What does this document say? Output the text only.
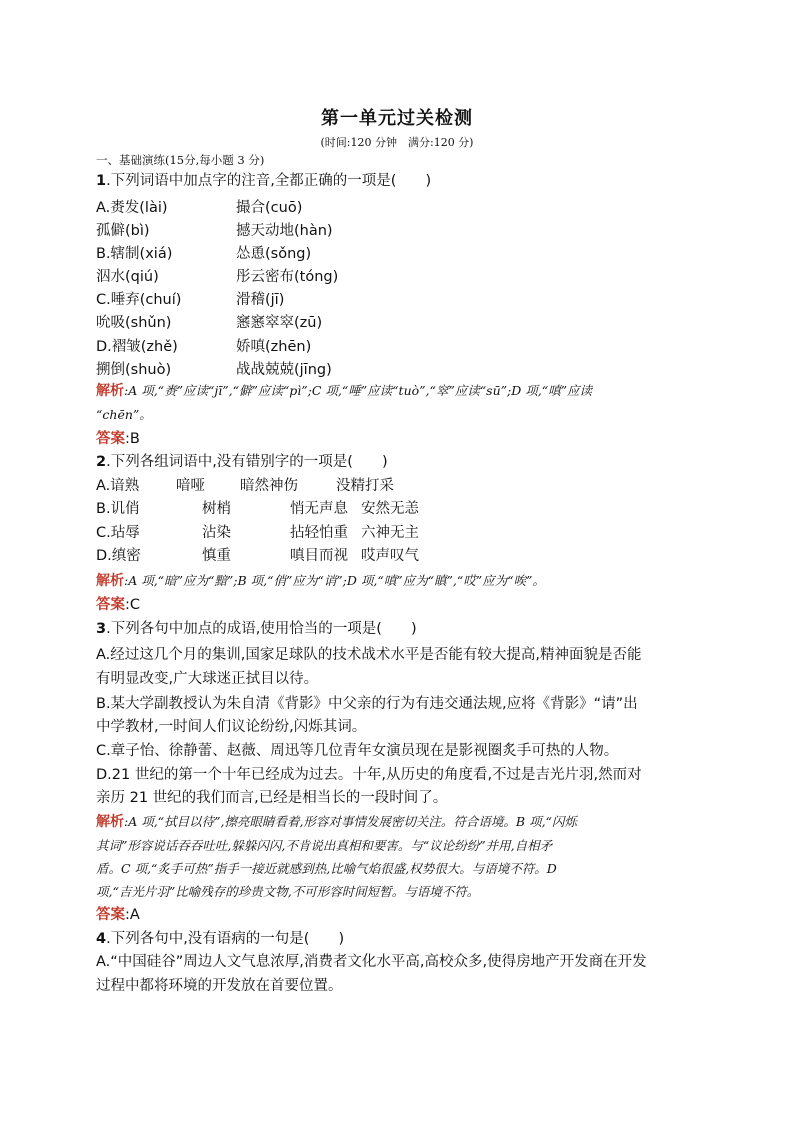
第一单元过关检测
(时间:120 分钟　满分:120 分)
一、基础演练(15分,每小题 3 分)
1.下列词语中加点字的注音,全都正确的一项是(　　)
A.赉发(lài)	撮合(cuō)
孤僻(bì)	撼天动地(hàn)
B.辖制(xiá)	怂恿(sǒng)
泅水(qiú)	彤云密布(tóng)
C.唾弃(chuí)	滑稽(jī)
吮吸(shǔn)	窸窸窣窣(zū)
D.褶皱(zhě)	娇嗔(zhēn)
搠倒(shuò)	战战兢兢(jīng)
解析:A 项,“赉”应读“jī”,“僻”应读“pì”;C 项,“唾”应读“tuò”,“窣”应读“sū”;D 项,“嗔”应读
“chēn”。
答案:B
2.下列各组词语中,没有错别字的一项是(　　)
A.谙熟	喑哑 暗然神伤	没精打采
B.讥俏	树梢	悄无声息 安然无恙
C.玷辱	沾染	拈轻怕重 六神无主
D.缜密	慎重	嗔目而视 哎声叹气
解析:A 项,“暗”应为“黯”;B 项,“俏”应为“诮”;D 项,“嗔”应为“瞋”,“哎”应为“唉”。
答案:C
3.下列各句中加点的成语,使用恰当的一项是(　　)
A.经过这几个月的集训,国家足球队的技术战术水平是否能有较大提高,精神面貌是否能
有明显改变,广大球迷正拭目以待。
B.某大学副教授认为朱自清《背影》中父亲的行为有违交通法规,应将《背影》“请”出
中学教材,一时间人们议论纷纷,闪烁其词。
C.章子怡、徐静蕾、赵薇、周迅等几位青年女演员现在是影视圈炙手可热的人物。
D.21 世纪的第一个十年已经成为过去。十年,从历史的角度看,不过是吉光片羽,然而对
亲历 21 世纪的我们而言,已经是相当长的一段时间了。
解析:A 项,“拭目以待”,擦亮眼睛看着,形容对事情发展密切关注。符合语境。B 项,“闪烁
其词”形容说话吞吞吐吐,躲躲闪闪,不肯说出真相和要害。与“议论纷纷”并用,自相矛
盾。C 项,“炙手可热”指手一接近就感到热,比喻气焰很盛,权势很大。与语境不符。D
项,“吉光片羽”比喻残存的珍贵文物,不可形容时间短暂。与语境不符。
答案:A
4.下列各句中,没有语病的一句是(　　)
A.“中国硅谷”周边人文气息浓厚,消费者文化水平高,高校众多,使得房地产开发商在开发
过程中都将环境的开发放在首要位置。
